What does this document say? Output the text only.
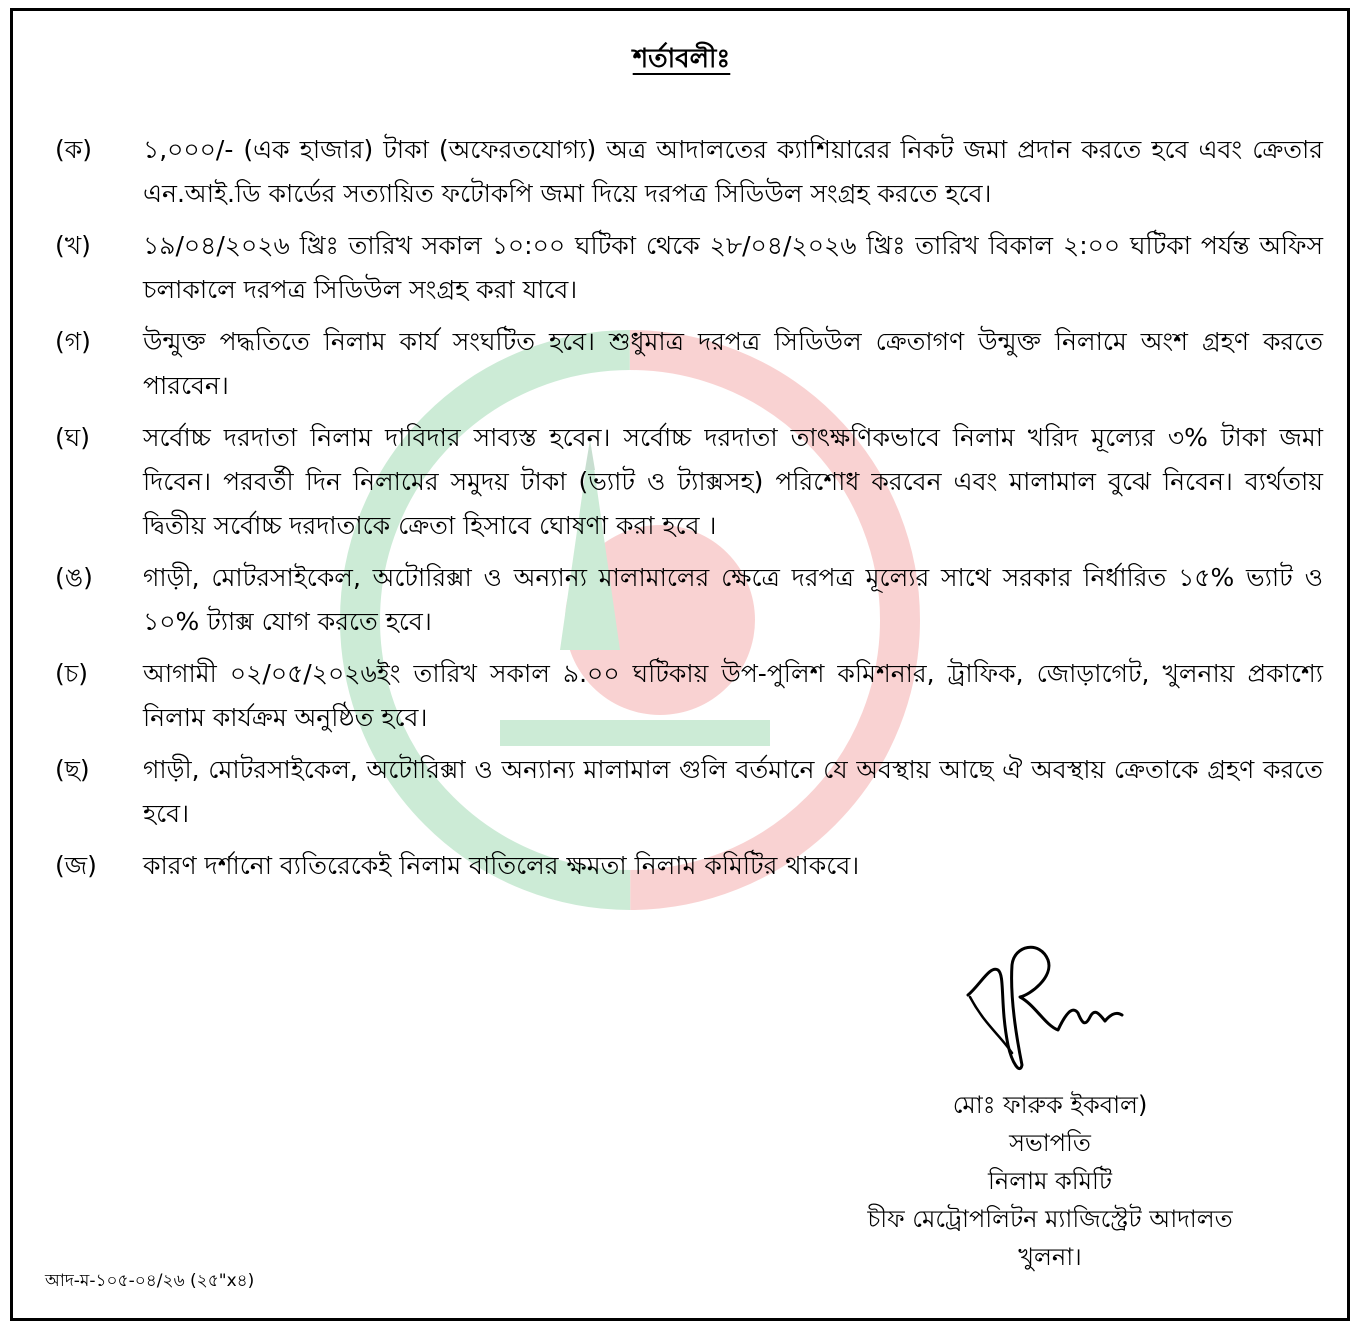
শর্তাবলীঃ
(ক)	১,০০০/- (এক হাজার) টাকা (অফেরতযোগ্য) অত্র আদালতের ক্যাশিয়ারের নিকট জমা প্রদান করতে হবে এবং ক্রেতার এন.আই.ডি কার্ডের সত্যায়িত ফটোকপি জমা দিয়ে দরপত্র সিডিউল সংগ্রহ করতে হবে।
(খ)	১৯/০৪/২০২৬ খ্রিঃ তারিখ সকাল ১০:০০ ঘটিকা থেকে ২৮/০৪/২০২৬ খ্রিঃ তারিখ বিকাল ২:০০ ঘটিকা পর্যন্ত অফিস চলাকালে দরপত্র সিডিউল সংগ্রহ করা যাবে।
(গ)	উন্মুক্ত পদ্ধতিতে নিলাম কার্য সংঘটিত হবে। শুধুমাত্র দরপত্র সিডিউল ক্রেতাগণ উন্মুক্ত নিলামে অংশ গ্রহণ করতে পারবেন।
(ঘ)	সর্বোচ্চ দরদাতা নিলাম দাবিদার সাব্যস্ত হবেন। সর্বোচ্চ দরদাতা তাৎক্ষণিকভাবে নিলাম খরিদ মূল্যের ৩% টাকা জমা দিবেন। পরবর্তী দিন নিলামের সমুদয় টাকা (ভ্যাট ও ট্যাক্সসহ) পরিশোধ করবেন এবং মালামাল বুঝে নিবেন। ব্যর্থতায় দ্বিতীয় সর্বোচ্চ দরদাতাকে ক্রেতা হিসাবে ঘোষণা করা হবে ।
(ঙ)	গাড়ী, মোটরসাইকেল, অটোরিক্সা ও অন্যান্য মালামালের ক্ষেত্রে দরপত্র মূল্যের সাথে সরকার নির্ধারিত ১৫% ভ্যাট ও ১০% ট্যাক্স যোগ করতে হবে।
(চ)	আগামী ০২/০৫/২০২৬ইং তারিখ সকাল ৯.০০ ঘটিকায় উপ-পুলিশ কমিশনার, ট্রাফিক, জোড়াগেট, খুলনায় প্রকাশ্যে নিলাম কার্যক্রম অনুষ্ঠিত হবে।
(ছ)	গাড়ী, মোটরসাইকেল, অটোরিক্সা ও অন্যান্য মালামাল গুলি বর্তমানে যে অবস্থায় আছে ঐ অবস্থায় ক্রেতাকে গ্রহণ করতে হবে।
(জ)	কারণ দর্শানো ব্যতিরেকেই নিলাম বাতিলের ক্ষমতা নিলাম কমিটির থাকবে।
মোঃ ফারুক ইকবাল)
সভাপতি
নিলাম কমিটি
চীফ মেট্রোপলিটন ম্যাজিস্ট্রেট আদালত
খুলনা।
আদ-ম-১০৫-০৪/২৬ (২৫"x৪)
